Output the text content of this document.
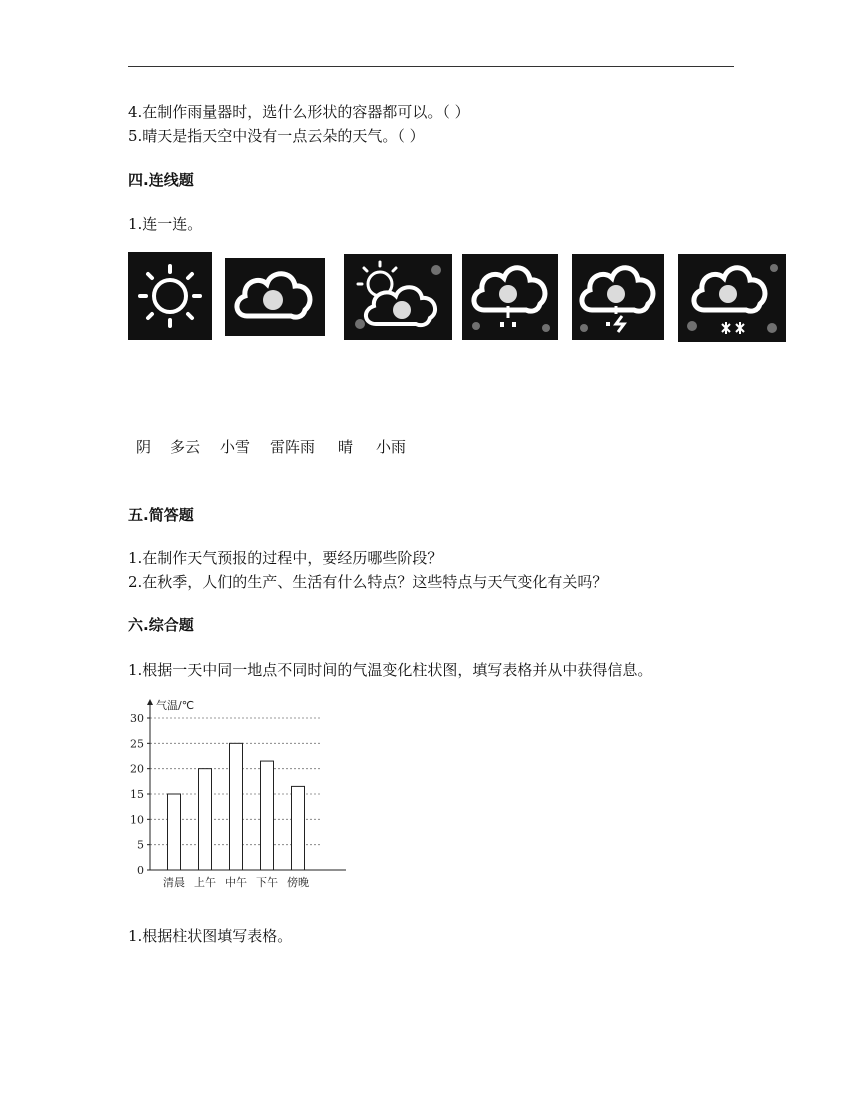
4.在制作雨量器时，选什么形状的容器都可以。（ ）
5.晴天是指天空中没有一点云朵的天气。（ ）
四.连线题
1.连一连。
阴 多云 小雪 雷阵雨 晴 小雨
五.简答题
1.在制作天气预报的过程中，要经历哪些阶段？
2.在秋季，人们的生产、生活有什么特点？这些特点与天气变化有关吗？
六.综合题
1.根据一天中同一地点不同时间的气温变化柱状图，填写表格并从中获得信息。
0
5
10
15
20
25
30
气温/℃
清晨 上午 中午 下午 傍晚
1.根据柱状图填写表格。
